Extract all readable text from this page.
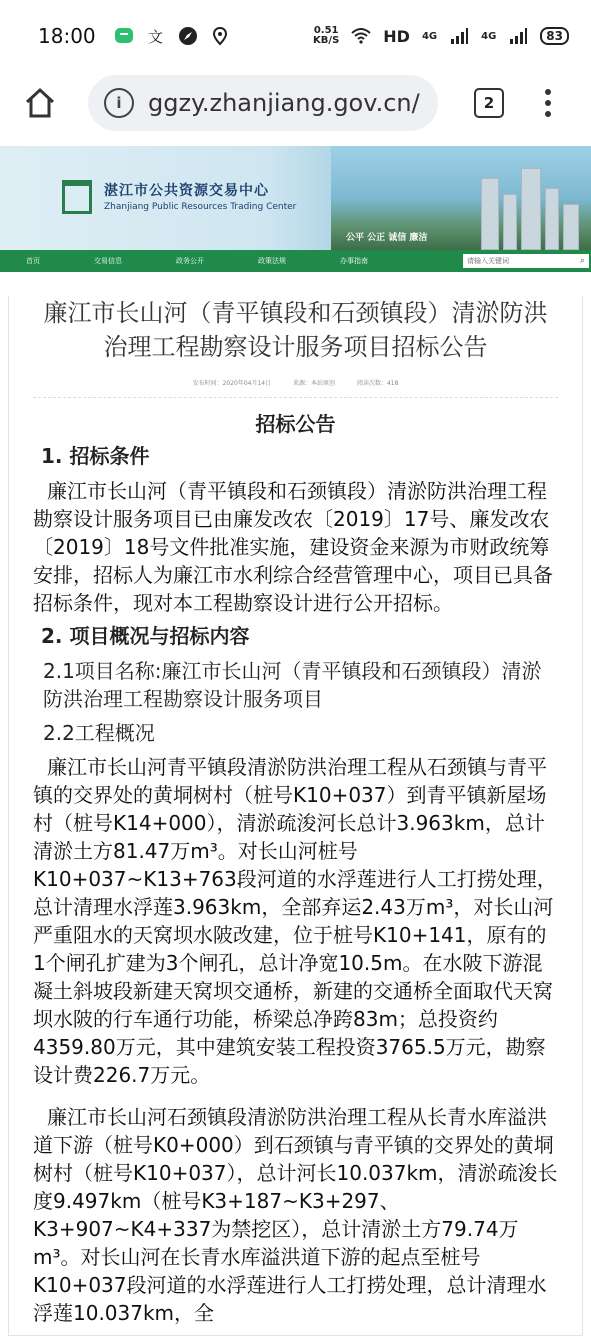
18:00	文	0.51
KB/S	HD 4G	4G	83
i	ggzy.zhanjiang.gov.cn/	2
湛江市公共资源交易中心
Zhanjiang Public Resources Trading Center
公平 公正 诚信 廉洁
首页	交易信息	政务公开	政策法规	办事指南	请输入关键词	⌕
廉江市长山河（青平镇段和石颈镇段）清淤防洪治理工程勘察设计服务项目招标公告
发布时间：2020年04月14日	来源：本站原创	阅读次数：418
招标公告
1. 招标条件
廉江市长山河（青平镇段和石颈镇段）清淤防洪治理工程勘察设计服务项目已由廉发改农〔2019〕17号、廉发改农〔2019〕18号文件批准实施，建设资金来源为市财政统筹安排，招标人为廉江市水利综合经营管理中心，项目已具备招标条件，现对本工程勘察设计进行公开招标。
2. 项目概况与招标内容
2.1项目名称:廉江市长山河（青平镇段和石颈镇段）清淤防洪治理工程勘察设计服务项目
2.2工程概况
廉江市长山河青平镇段清淤防洪治理工程从石颈镇与青平镇的交界处的黄垌树村（桩号K10+037）到青平镇新屋场村（桩号K14+000），清淤疏浚河长总计3.963km，总计清淤土方81.47万m³。对长山河桩号K10+037~K13+763段河道的水浮莲进行人工打捞处理，总计清理水浮莲3.963km，全部弃运2.43万m³，对长山河严重阻水的天窝坝水陂改建，位于桩号K10+141，原有的1个闸孔扩建为3个闸孔，总计净宽10.5m。在水陂下游混凝土斜坡段新建天窝坝交通桥，新建的交通桥全面取代天窝坝水陂的行车通行功能，桥梁总净跨83m；总投资约4359.80万元，其中建筑安装工程投资3765.5万元，勘察设计费226.7万元。
廉江市长山河石颈镇段清淤防洪治理工程从长青水库溢洪道下游（桩号K0+000）到石颈镇与青平镇的交界处的黄垌树村（桩号K10+037），总计河长10.037km，清淤疏浚长度9.497km（桩号K3+187~K3+297、K3+907~K4+337为禁挖区），总计清淤土方79.74万m³。对长山河在长青水库溢洪道下游的起点至桩号K10+037段河道的水浮莲进行人工打捞处理，总计清理水浮莲10.037km，全
